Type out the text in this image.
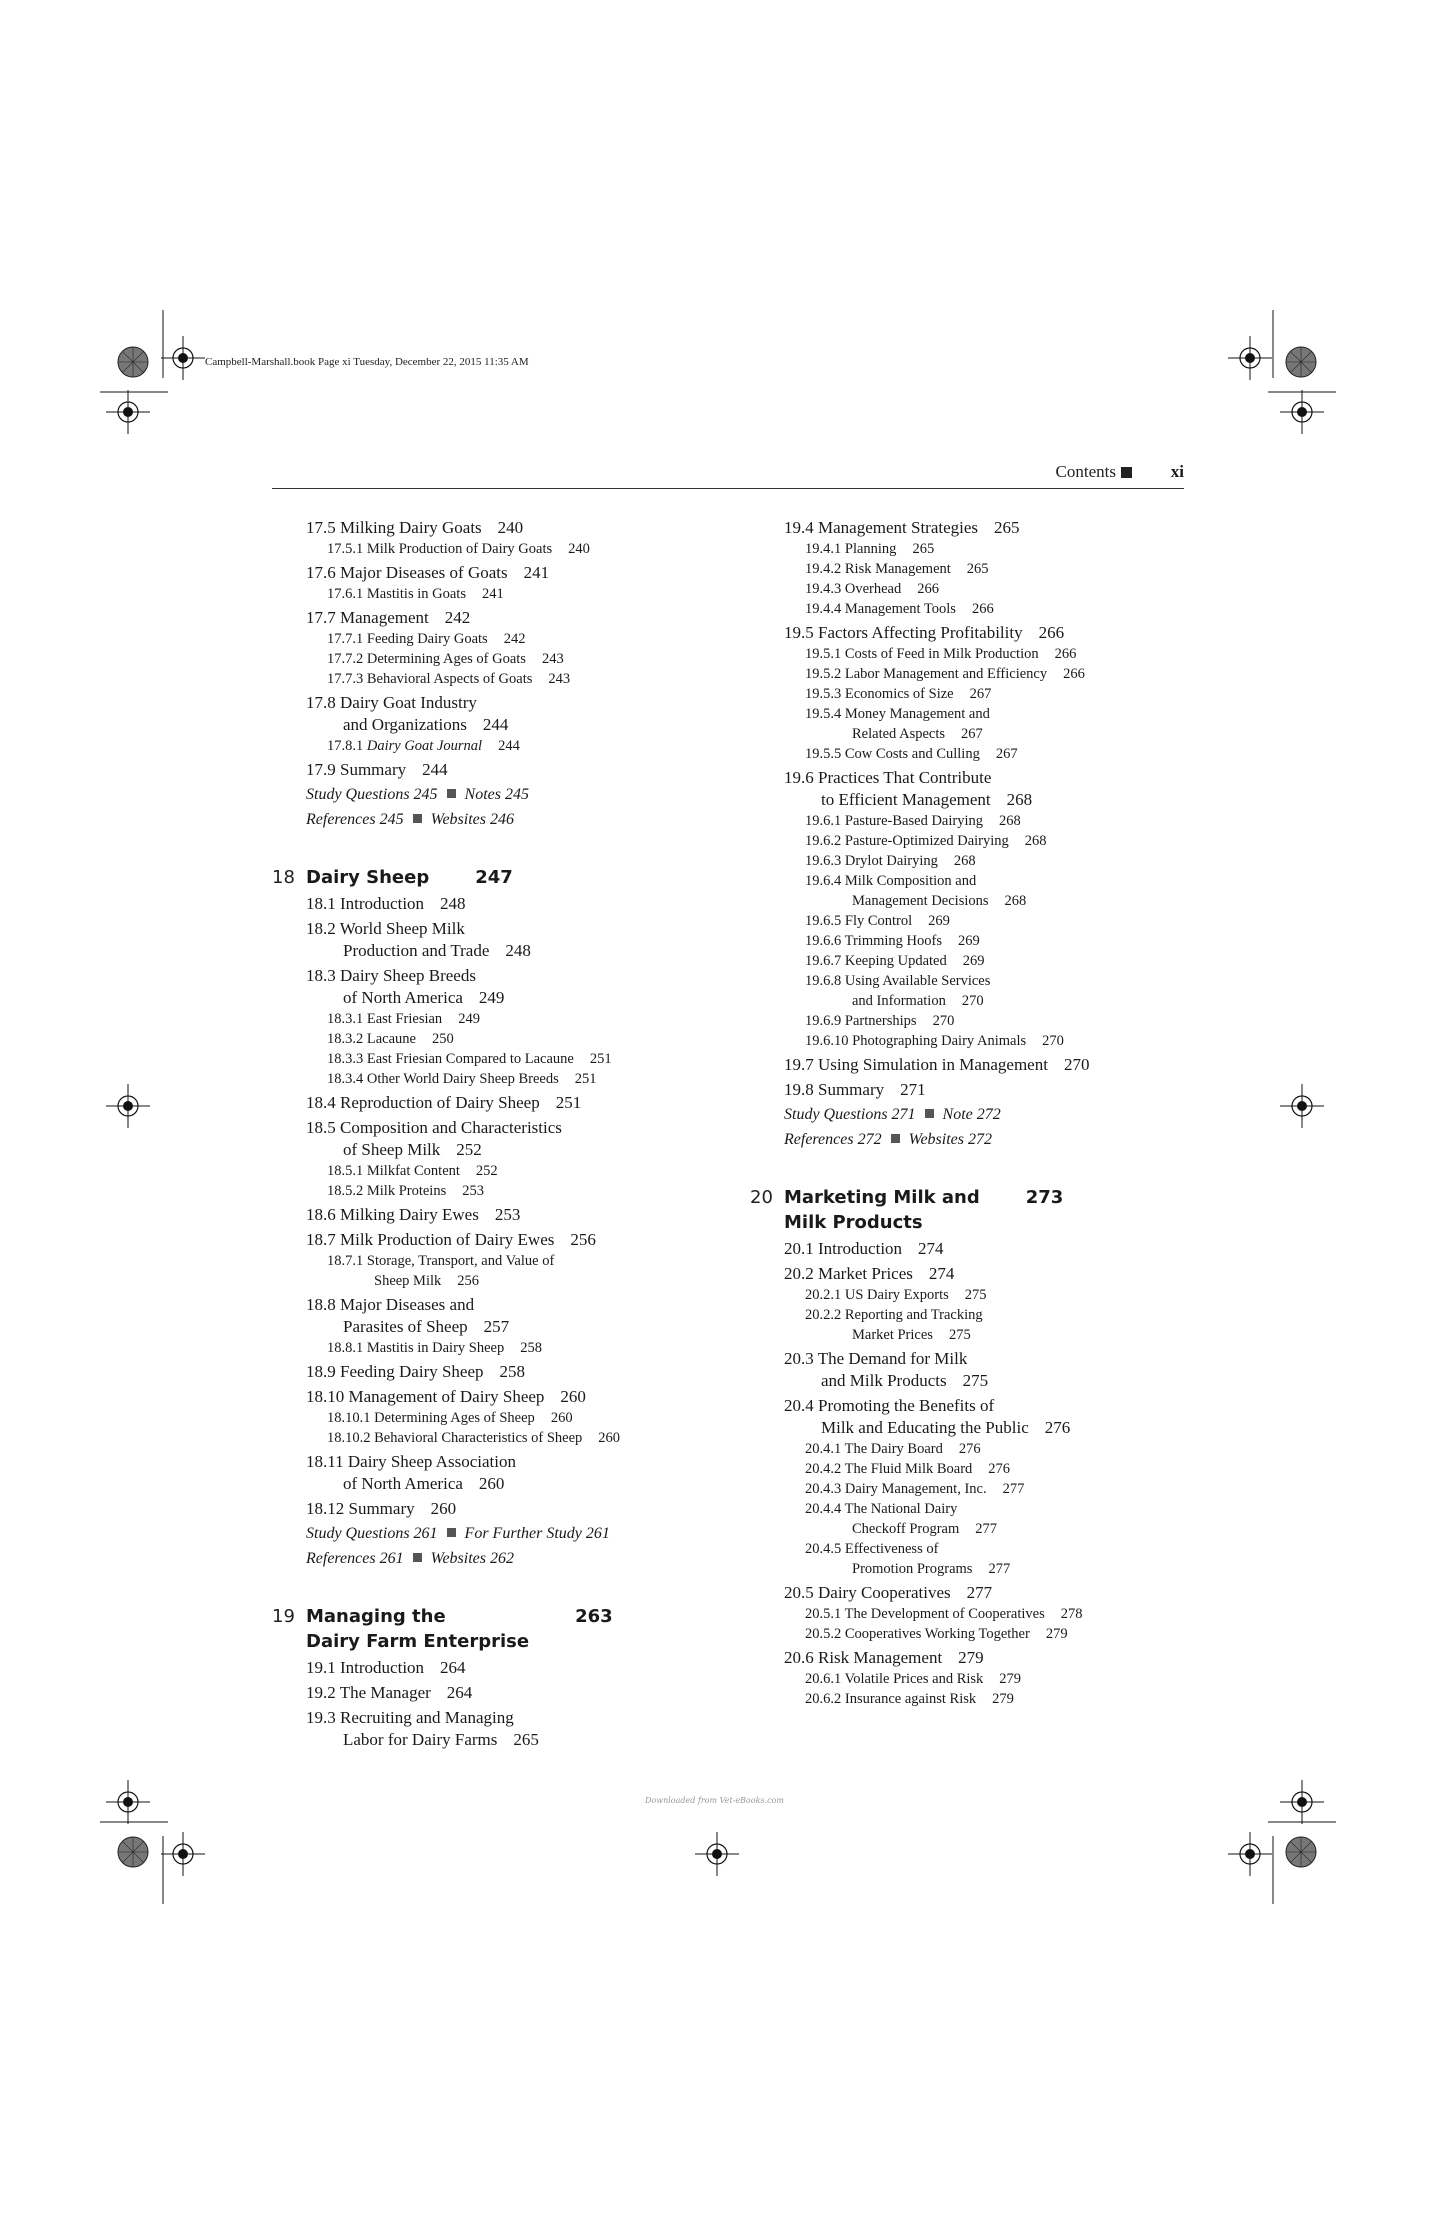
Campbell-Marshall.book Page xi Tuesday, December 22, 2015 11:35 AM
Contents	xi
17.5 Milking Dairy Goats 240
17.5.1 Milk Production of Dairy Goats 240
17.6 Major Diseases of Goats 241
17.6.1 Mastitis in Goats 241
17.7 Management 242
17.7.1 Feeding Dairy Goats 242
17.7.2 Determining Ages of Goats 243
17.7.3 Behavioral Aspects of Goats 243
17.8 Dairy Goat Industry
and Organizations 244
17.8.1 Dairy Goat Journal 244
17.9 Summary 244
Study Questions 245 Notes 245
References 245 Websites 246
18 Dairy Sheep	247
18.1 Introduction 248
18.2 World Sheep Milk
Production and Trade 248
18.3 Dairy Sheep Breeds
of North America 249
18.3.1 East Friesian 249
18.3.2 Lacaune 250
18.3.3 East Friesian Compared to Lacaune 251
18.3.4 Other World Dairy Sheep Breeds 251
18.4 Reproduction of Dairy Sheep 251
18.5 Composition and Characteristics
of Sheep Milk 252
18.5.1 Milkfat Content 252
18.5.2 Milk Proteins 253
18.6 Milking Dairy Ewes 253
18.7 Milk Production of Dairy Ewes 256
18.7.1 Storage, Transport, and Value of
Sheep Milk 256
18.8 Major Diseases and
Parasites of Sheep 257
18.8.1 Mastitis in Dairy Sheep 258
18.9 Feeding Dairy Sheep 258
18.10 Management of Dairy Sheep 260
18.10.1 Determining Ages of Sheep 260
18.10.2 Behavioral Characteristics of Sheep 260
18.11 Dairy Sheep Association
of North America 260
18.12 Summary 260
Study Questions 261 For Further Study 261
References 261 Websites 262
19 Managing the
Dairy Farm Enterprise263
19.1 Introduction 264
19.2 The Manager 264
19.3 Recruiting and Managing
Labor for Dairy Farms 265
19.4 Management Strategies 265
19.4.1 Planning 265
19.4.2 Risk Management 265
19.4.3 Overhead 266
19.4.4 Management Tools 266
19.5 Factors Affecting Profitability 266
19.5.1 Costs of Feed in Milk Production 266
19.5.2 Labor Management and Efficiency 266
19.5.3 Economics of Size 267
19.5.4 Money Management and
Related Aspects 267
19.5.5 Cow Costs and Culling 267
19.6 Practices That Contribute
to Efficient Management 268
19.6.1 Pasture-Based Dairying 268
19.6.2 Pasture-Optimized Dairying 268
19.6.3 Drylot Dairying 268
19.6.4 Milk Composition and
Management Decisions 268
19.6.5 Fly Control 269
19.6.6 Trimming Hoofs 269
19.6.7 Keeping Updated 269
19.6.8 Using Available Services
and Information 270
19.6.9 Partnerships 270
19.6.10 Photographing Dairy Animals 270
19.7 Using Simulation in Management 270
19.8 Summary 271
Study Questions 271 Note 272
References 272 Websites 272
20 Marketing Milk and
Milk Products273
20.1 Introduction 274
20.2 Market Prices 274
20.2.1 US Dairy Exports 275
20.2.2 Reporting and Tracking
Market Prices 275
20.3 The Demand for Milk
and Milk Products 275
20.4 Promoting the Benefits of
Milk and Educating the Public 276
20.4.1 The Dairy Board 276
20.4.2 The Fluid Milk Board 276
20.4.3 Dairy Management, Inc. 277
20.4.4 The National Dairy
Checkoff Program 277
20.4.5 Effectiveness of
Promotion Programs 277
20.5 Dairy Cooperatives 277
20.5.1 The Development of Cooperatives 278
20.5.2 Cooperatives Working Together 279
20.6 Risk Management 279
20.6.1 Volatile Prices and Risk 279
20.6.2 Insurance against Risk 279
Downloaded from Vet-eBooks.com
